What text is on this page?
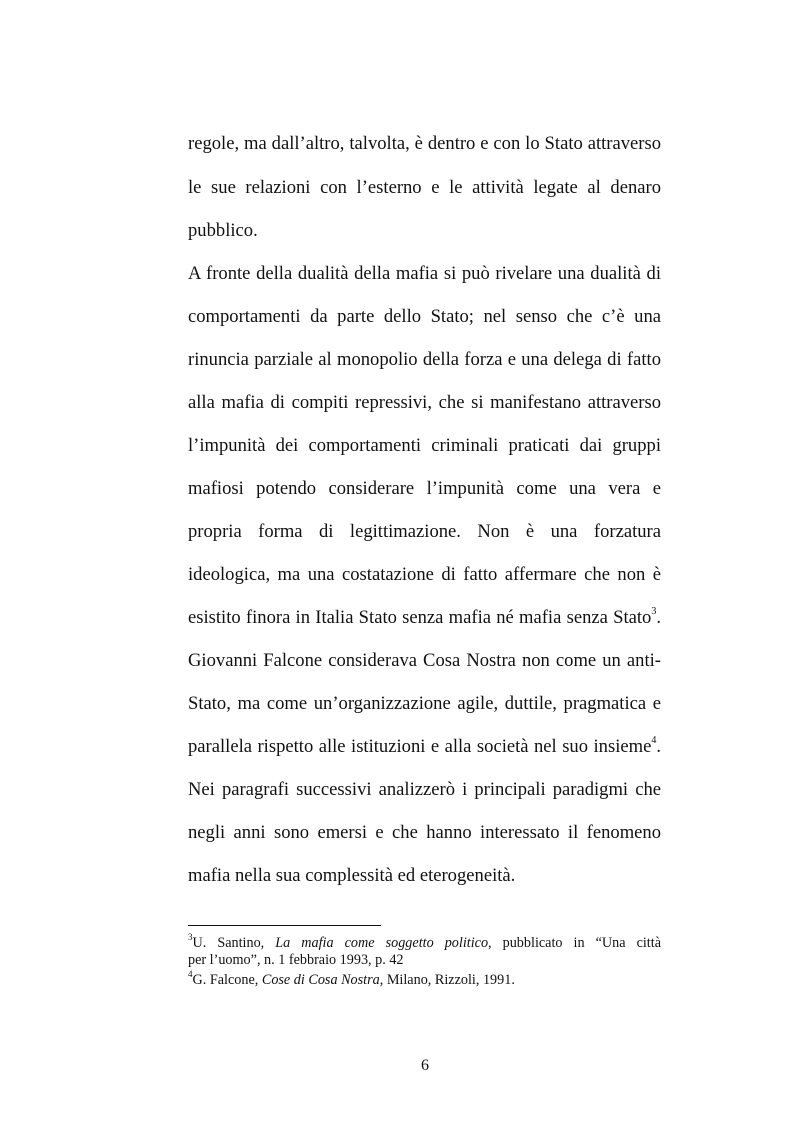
regole, ma dall’altro, talvolta, è dentro e con lo Stato attraverso
le sue relazioni con l’esterno e le attività legate al denaro
pubblico.
A fronte della dualità della mafia si può rivelare una dualità di
comportamenti da parte dello Stato; nel senso che c’è una
rinuncia parziale al monopolio della forza e una delega di fatto
alla mafia di compiti repressivi, che si manifestano attraverso
l’impunità dei comportamenti criminali praticati dai gruppi
mafiosi potendo considerare l’impunità come una vera e
propria forma di legittimazione. Non è una forzatura
ideologica, ma una costatazione di fatto affermare che non è
esistito finora in Italia Stato senza mafia né mafia senza Stato$^3$.
Giovanni Falcone considerava Cosa Nostra non come un anti-
Stato, ma come un’organizzazione agile, duttile, pragmatica e
parallela rispetto alle istituzioni e alla società nel suo insieme$^4$.
Nei paragrafi successivi analizzerò i principali paradigmi che
negli anni sono emersi e che hanno interessato il fenomeno
mafia nella sua complessità ed eterogeneità.
$^3$U. Santino, La mafia come soggetto politico, pubblicato in “Una città
per l’uomo”, n. 1 febbraio 1993, p. 42
$^4$G. Falcone, Cose di Cosa Nostra, Milano, Rizzoli, 1991.
6
